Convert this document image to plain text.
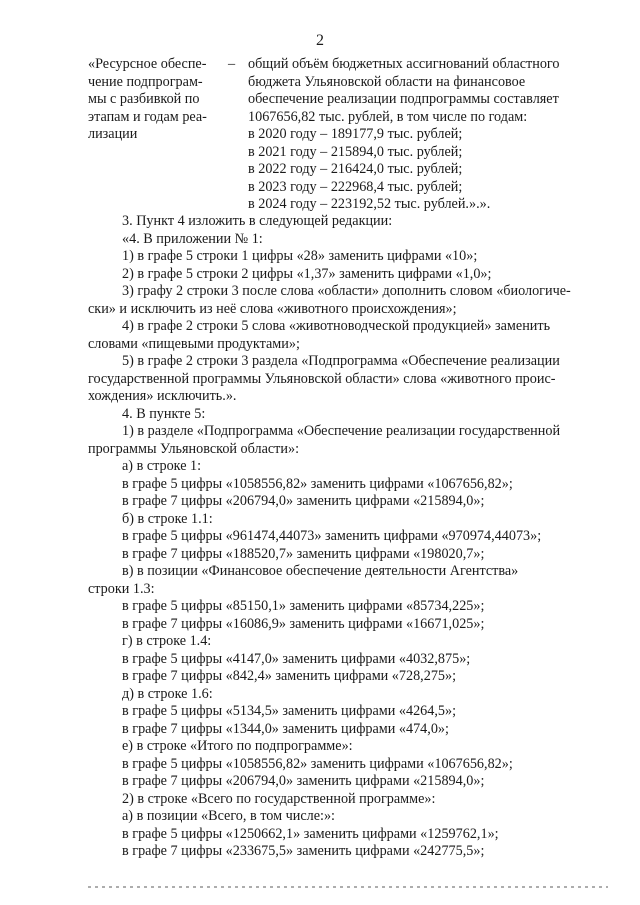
2
«Ресурсное обеспе-
чение подпрограм-
мы с разбивкой по
этапам и годам реа-
лизации
– общий объём бюджетных ассигнований областного
бюджета Ульяновской области на финансовое
обеспечение реализации подпрограммы составляет
1067656,82 тыс. рублей, в том числе по годам:
в 2020 году – 189177,9 тыс. рублей;
в 2021 году – 215894,0 тыс. рублей;
в 2022 году – 216424,0 тыс. рублей;
в 2023 году – 222968,4 тыс. рублей;
в 2024 году – 223192,52 тыс. рублей.».».
3. Пункт 4 изложить в следующей редакции:
«4. В приложении № 1:
1) в графе 5 строки 1 цифры «28» заменить цифрами «10»;
2) в графе 5 строки 2 цифры «1,37» заменить цифрами «1,0»;
3) графу 2 строки 3 после слова «области» дополнить словом «биологиче-
ски» и исключить из неё слова «животного происхождения»;
4) в графе 2 строки 5 слова «животноводческой продукцией» заменить
словами «пищевыми продуктами»;
5) в графе 2 строки 3 раздела «Подпрограмма «Обеспечение реализации
государственной программы Ульяновской области» слова «животного проис-
хождения» исключить.».
4. В пункте 5:
1) в разделе «Подпрограмма «Обеспечение реализации государственной
программы Ульяновской области»:
а) в строке 1:
в графе 5 цифры «1058556,82» заменить цифрами «1067656,82»;
в графе 7 цифры «206794,0» заменить цифрами «215894,0»;
б) в строке 1.1:
в графе 5 цифры «961474,44073» заменить цифрами «970974,44073»;
в графе 7 цифры «188520,7» заменить цифрами «198020,7»;
в) в позиции «Финансовое обеспечение деятельности Агентства»
строки 1.3:
в графе 5 цифры «85150,1» заменить цифрами «85734,225»;
в графе 7 цифры «16086,9» заменить цифрами «16671,025»;
г) в строке 1.4:
в графе 5 цифры «4147,0» заменить цифрами «4032,875»;
в графе 7 цифры «842,4» заменить цифрами «728,275»;
д) в строке 1.6:
в графе 5 цифры «5134,5» заменить цифрами «4264,5»;
в графе 7 цифры «1344,0» заменить цифрами «474,0»;
е) в строке «Итого по подпрограмме»:
в графе 5 цифры «1058556,82» заменить цифрами «1067656,82»;
в графе 7 цифры «206794,0» заменить цифрами «215894,0»;
2) в строке «Всего по государственной программе»:
а) в позиции «Всего, в том числе:»:
в графе 5 цифры «1250662,1» заменить цифрами «1259762,1»;
в графе 7 цифры «233675,5» заменить цифрами «242775,5»;
